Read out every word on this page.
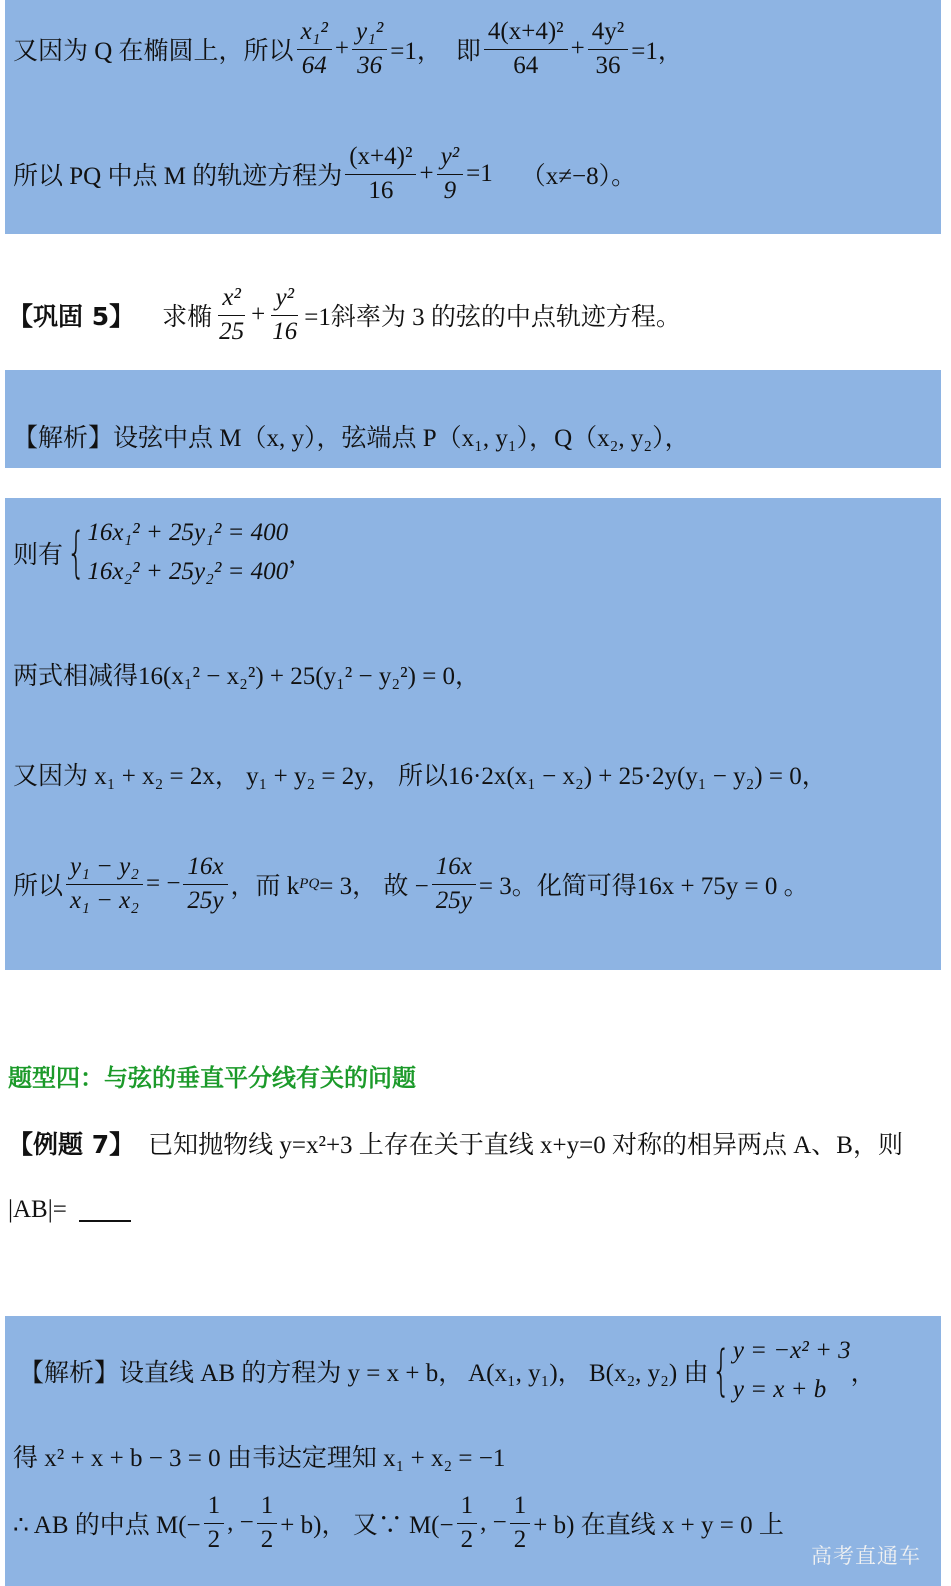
又因为 Q 在椭圆上，所以 $\frac{\text{x₁²}}{64} + \frac{\text{y₁²}}{36} =1$， 即 $\frac{\text{4(x+4)²}}{64} + \frac{\text{4y²}}{36} =1$，
所以 PQ 中点 M 的轨迹方程为 $\frac{\text{(x+4)²}}{16} + \frac{\text{y²}}{9} =1$ （x≠−8）。
【巩固 5】 求椭 $\frac{\text{x²}}{25} + \frac{\text{y²}}{16} =1$斜率为 3 的弦的中点轨迹方程。
【解析】 设弦中点 M（x, y），弦端点 P（x₁, y₁），Q（x₂, y₂），
则有 { 16x₁² + 25y₁² = 400
16x₂² + 25y₂² = 400
，
两式相减得16(x₁² − x₂²) + 25(y₁² − y₂²) = 0，
又因为 x₁ + x₂ = 2x， y₁ + y₂ = 2y， 所以16·2x(x₁ − x₂) + 25·2y(y₁ − y₂) = 0，
所以 $\frac{\text{y₁ − y₂}}{\text{x₁ − x₂}}$ = − $\frac{16x}{25y}$ ，而 k PQ = 3， 故 − $\frac{16x}{25y} = 3$。化简可得16x + 75y = 0 。
题型四：与弦的垂直平分线有关的问题
【例题 7】 已知抛物线 y=x²+3 上存在关于直线 x+y=0 对称的相异两点 A、B，则
|AB|=
【解析】 设直线 AB 的方程为 y = x + b， A(x₁, y₁)， B(x₂, y₂) 由 { y = −x² + 3
y = x + b
，
得 x² + x + b − 3 = 0 由韦达定理知 x₁ + x₂ = −1
∴ AB 的中点 $M(- \frac{1}{2}$ , − $\frac{1}{2} + b$)， 又∵ $M(- \frac{1}{2}$ , − $\frac{1}{2} + b$) 在直线 x + y = 0 上
高考直通车
